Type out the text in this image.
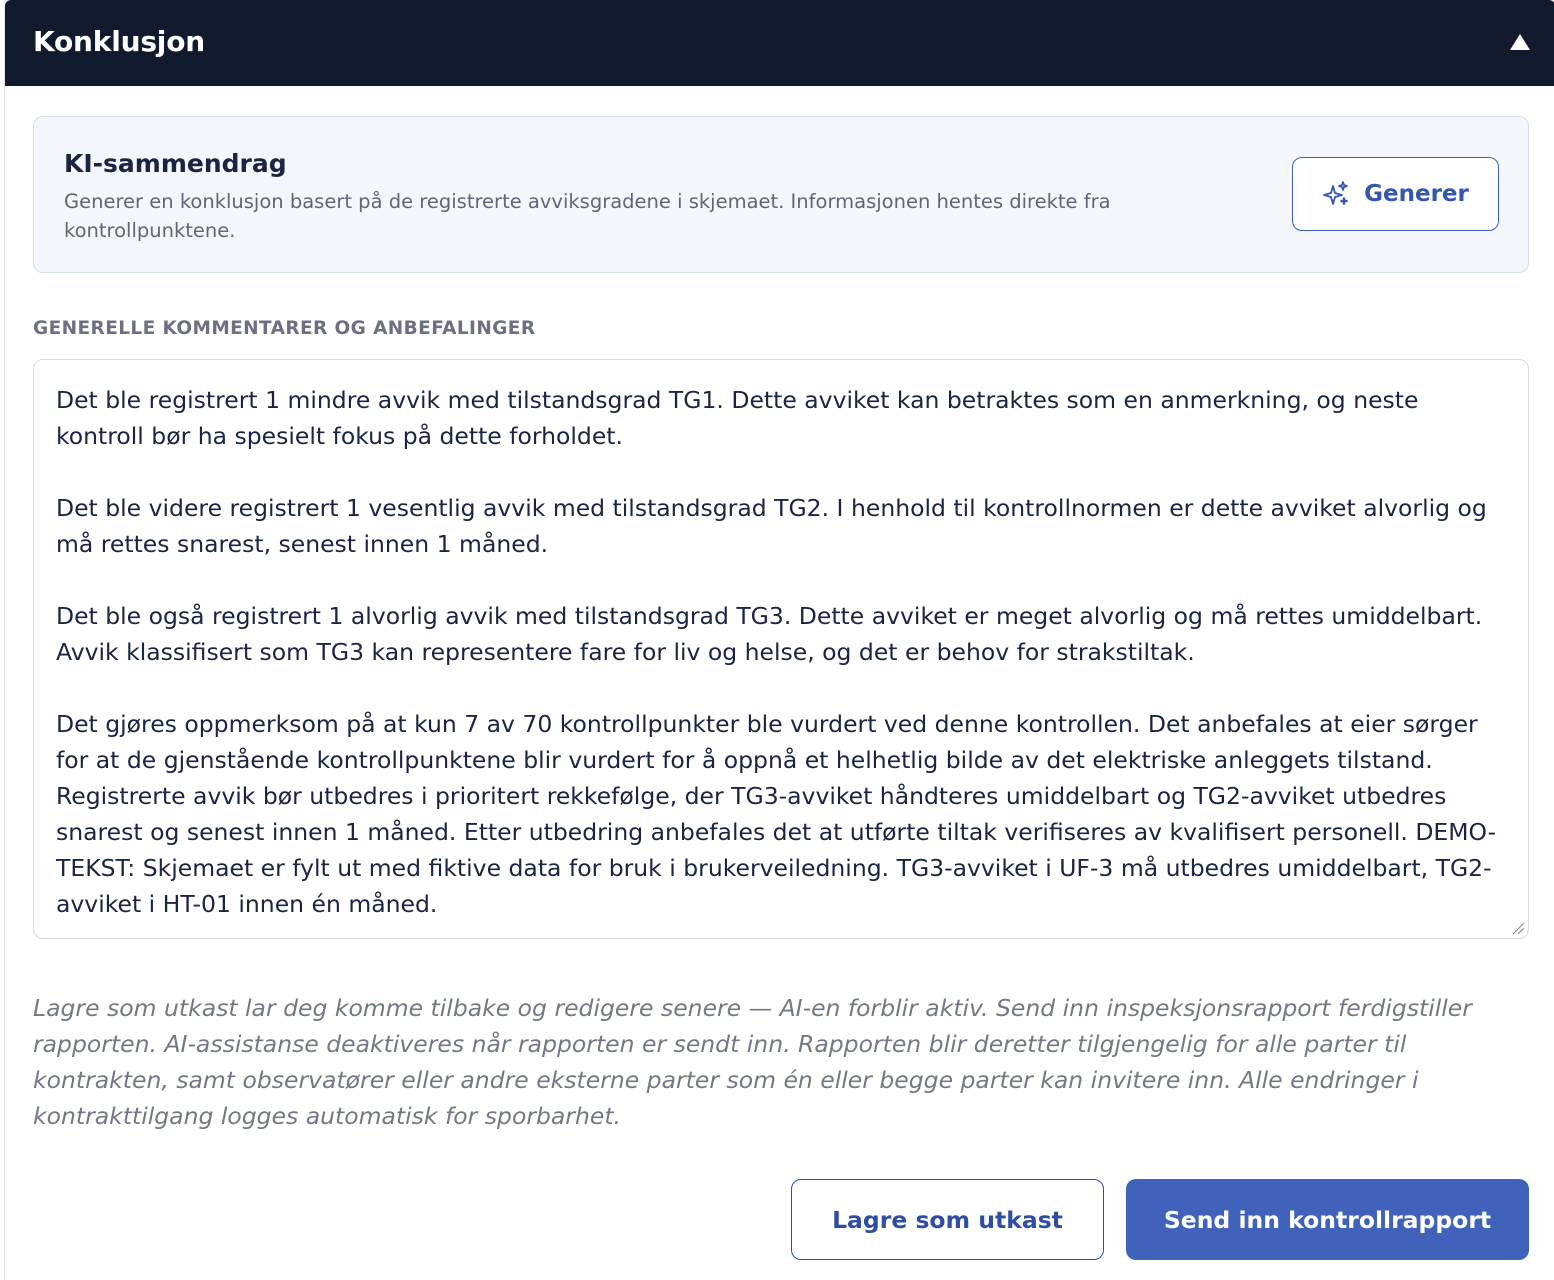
Konklusjon
KI-sammendrag
Generer en konklusjon basert på de registrerte avviksgradene i skjemaet. Informasjonen hentes direkte fra kontrollpunktene.
Generer
GENERELLE KOMMENTARER OG ANBEFALINGER

Det ble registrert 1 mindre avvik med tilstandsgrad TG1. Dette avviket kan betraktes som en anmerkning, og neste kontroll bør ha spesielt fokus på dette forholdet.

Det ble videre registrert 1 vesentlig avvik med tilstandsgrad TG2. I henhold til kontrollnormen er dette avviket alvorlig og må rettes snarest, senest innen 1 måned.

Det ble også registrert 1 alvorlig avvik med tilstandsgrad TG3. Dette avviket er meget alvorlig og må rettes umiddelbart. Avvik klassifisert som TG3 kan representere fare for liv og helse, og det er behov for strakstiltak.

Det gjøres oppmerksom på at kun 7 av 70 kontrollpunkter ble vurdert ved denne kontrollen. Det anbefales at eier sørger for at de gjenstående kontrollpunktene blir vurdert for å oppnå et helhetlig bilde av det elektriske anleggets tilstand. Registrerte avvik bør utbedres i prioritert rekkefølge, der TG3-avviket håndteres umiddelbart og TG2-avviket utbedres snarest og senest innen 1 måned. Etter utbedring anbefales det at utførte tiltak verifiseres av kvalifisert personell. DEMO-TEKST: Skjemaet er fylt ut med fiktive data for bruk i brukerveiledning. TG3-avviket i UF-3 må utbedres umiddelbart, TG2-avviket i HT-01 innen én måned.

Lagre som utkast lar deg komme tilbake og redigere senere — AI-en forblir aktiv. Send inn inspeksjonsrapport ferdigstiller rapporten. AI-assistanse deaktiveres når rapporten er sendt inn. Rapporten blir deretter tilgjengelig for alle parter til kontrakten, samt observatører eller andre eksterne parter som én eller begge parter kan invitere inn. Alle endringer i kontrakttilgang logges automatisk for sporbarhet.
Lagre som utkast	Send inn kontrollrapport
